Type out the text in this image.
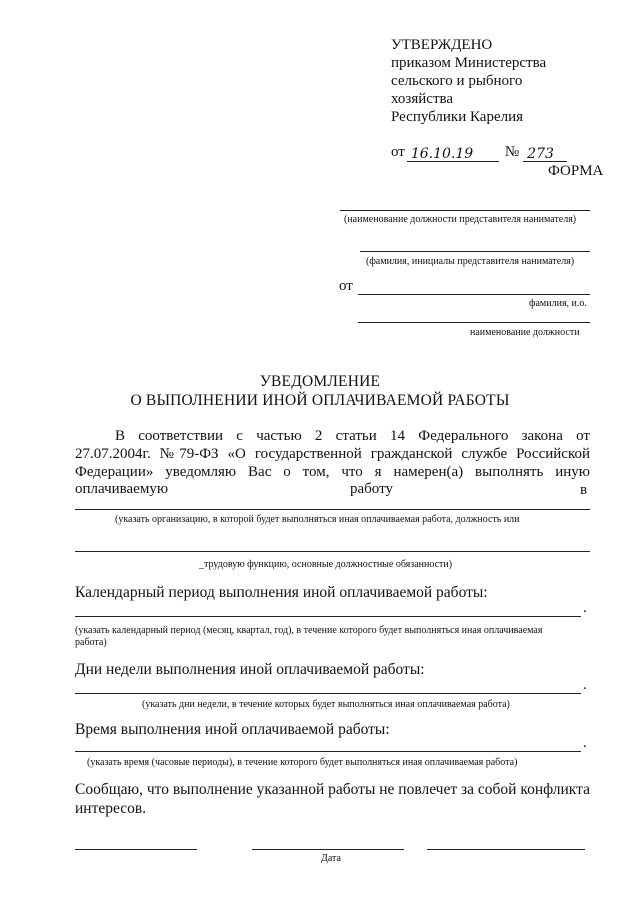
УТВЕРЖДЕНО
приказом Министерства
сельского и рыбного
хозяйства
Республики Карелия
от 16.10.19 № 273

ФОРМА
(наименование должности представителя нанимателя)
(фамилия, инициалы представителя нанимателя)
от
фамилия, и.о.
наименование должности
УВЕДОМЛЕНИЕ
О ВЫПОЛНЕНИИ ИНОЙ ОПЛАЧИВАЕМОЙ РАБОТЫ
В соответствии с частью 2 статьи 14 Федерального закона от
27.07.2004г. №79-ФЗ «О государственной гражданской службе Российской
Федерации» уведомляю Вас о том, что я намерен(а) выполнять иную
оплачиваемую	работу	в
(указать организацию, в которой будет выполняться иная оплачиваемая работа, должность или
_трудовую функцию, основные должностные обязанности)
Календарный период выполнения иной оплачиваемой работы:
.
(указать календарный период (месяц, квартал, год), в течение которого будет выполняться иная оплачиваемая
работа)
Дни недели выполнения иной оплачиваемой работы:
.
(указать дни недели, в течение которых будет выполняться иная оплачиваемая работа)
Время выполнения иной оплачиваемой работы:
.
(указать время (часовые периоды), в течение которого будет выполняться иная оплачиваемая работа)
Сообщаю, что выполнение указанной работы не повлечет за собой конфликта
интересов.
Дата
